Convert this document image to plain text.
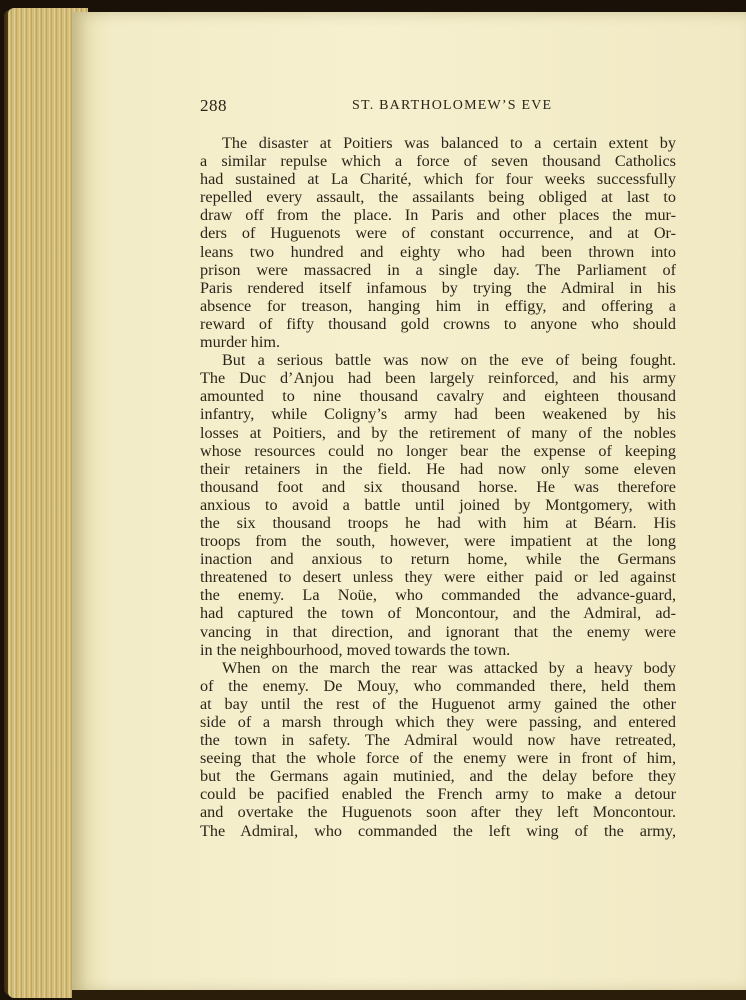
288	ST. BARTHOLOMEW’S EVE
The disaster at Poitiers was balanced to a certain extent by
a similar repulse which a force of seven thousand Catholics
had sustained at La Charité, which for four weeks successfully
repelled every assault, the assailants being obliged at last to
draw off from the place. In Paris and other places the mur-
ders of Huguenots were of constant occurrence, and at Or-
leans two hundred and eighty who had been thrown into
prison were massacred in a single day. The Parliament of
Paris rendered itself infamous by trying the Admiral in his
absence for treason, hanging him in effigy, and offering a
reward of fifty thousand gold crowns to anyone who should
murder him.
But a serious battle was now on the eve of being fought.
The Duc d’Anjou had been largely reinforced, and his army
amounted to nine thousand cavalry and eighteen thousand
infantry, while Coligny’s army had been weakened by his
losses at Poitiers, and by the retirement of many of the nobles
whose resources could no longer bear the expense of keeping
their retainers in the field. He had now only some eleven
thousand foot and six thousand horse. He was therefore
anxious to avoid a battle until joined by Montgomery, with
the six thousand troops he had with him at Béarn. His
troops from the south, however, were impatient at the long
inaction and anxious to return home, while the Germans
threatened to desert unless they were either paid or led against
the enemy. La Noüe, who commanded the advance-guard,
had captured the town of Moncontour, and the Admiral, ad-
vancing in that direction, and ignorant that the enemy were
in the neighbourhood, moved towards the town.
When on the march the rear was attacked by a heavy body
of the enemy. De Mouy, who commanded there, held them
at bay until the rest of the Huguenot army gained the other
side of a marsh through which they were passing, and entered
the town in safety. The Admiral would now have retreated,
seeing that the whole force of the enemy were in front of him,
but the Germans again mutinied, and the delay before they
could be pacified enabled the French army to make a detour
and overtake the Huguenots soon after they left Moncontour.
The Admiral, who commanded the left wing of the army,
